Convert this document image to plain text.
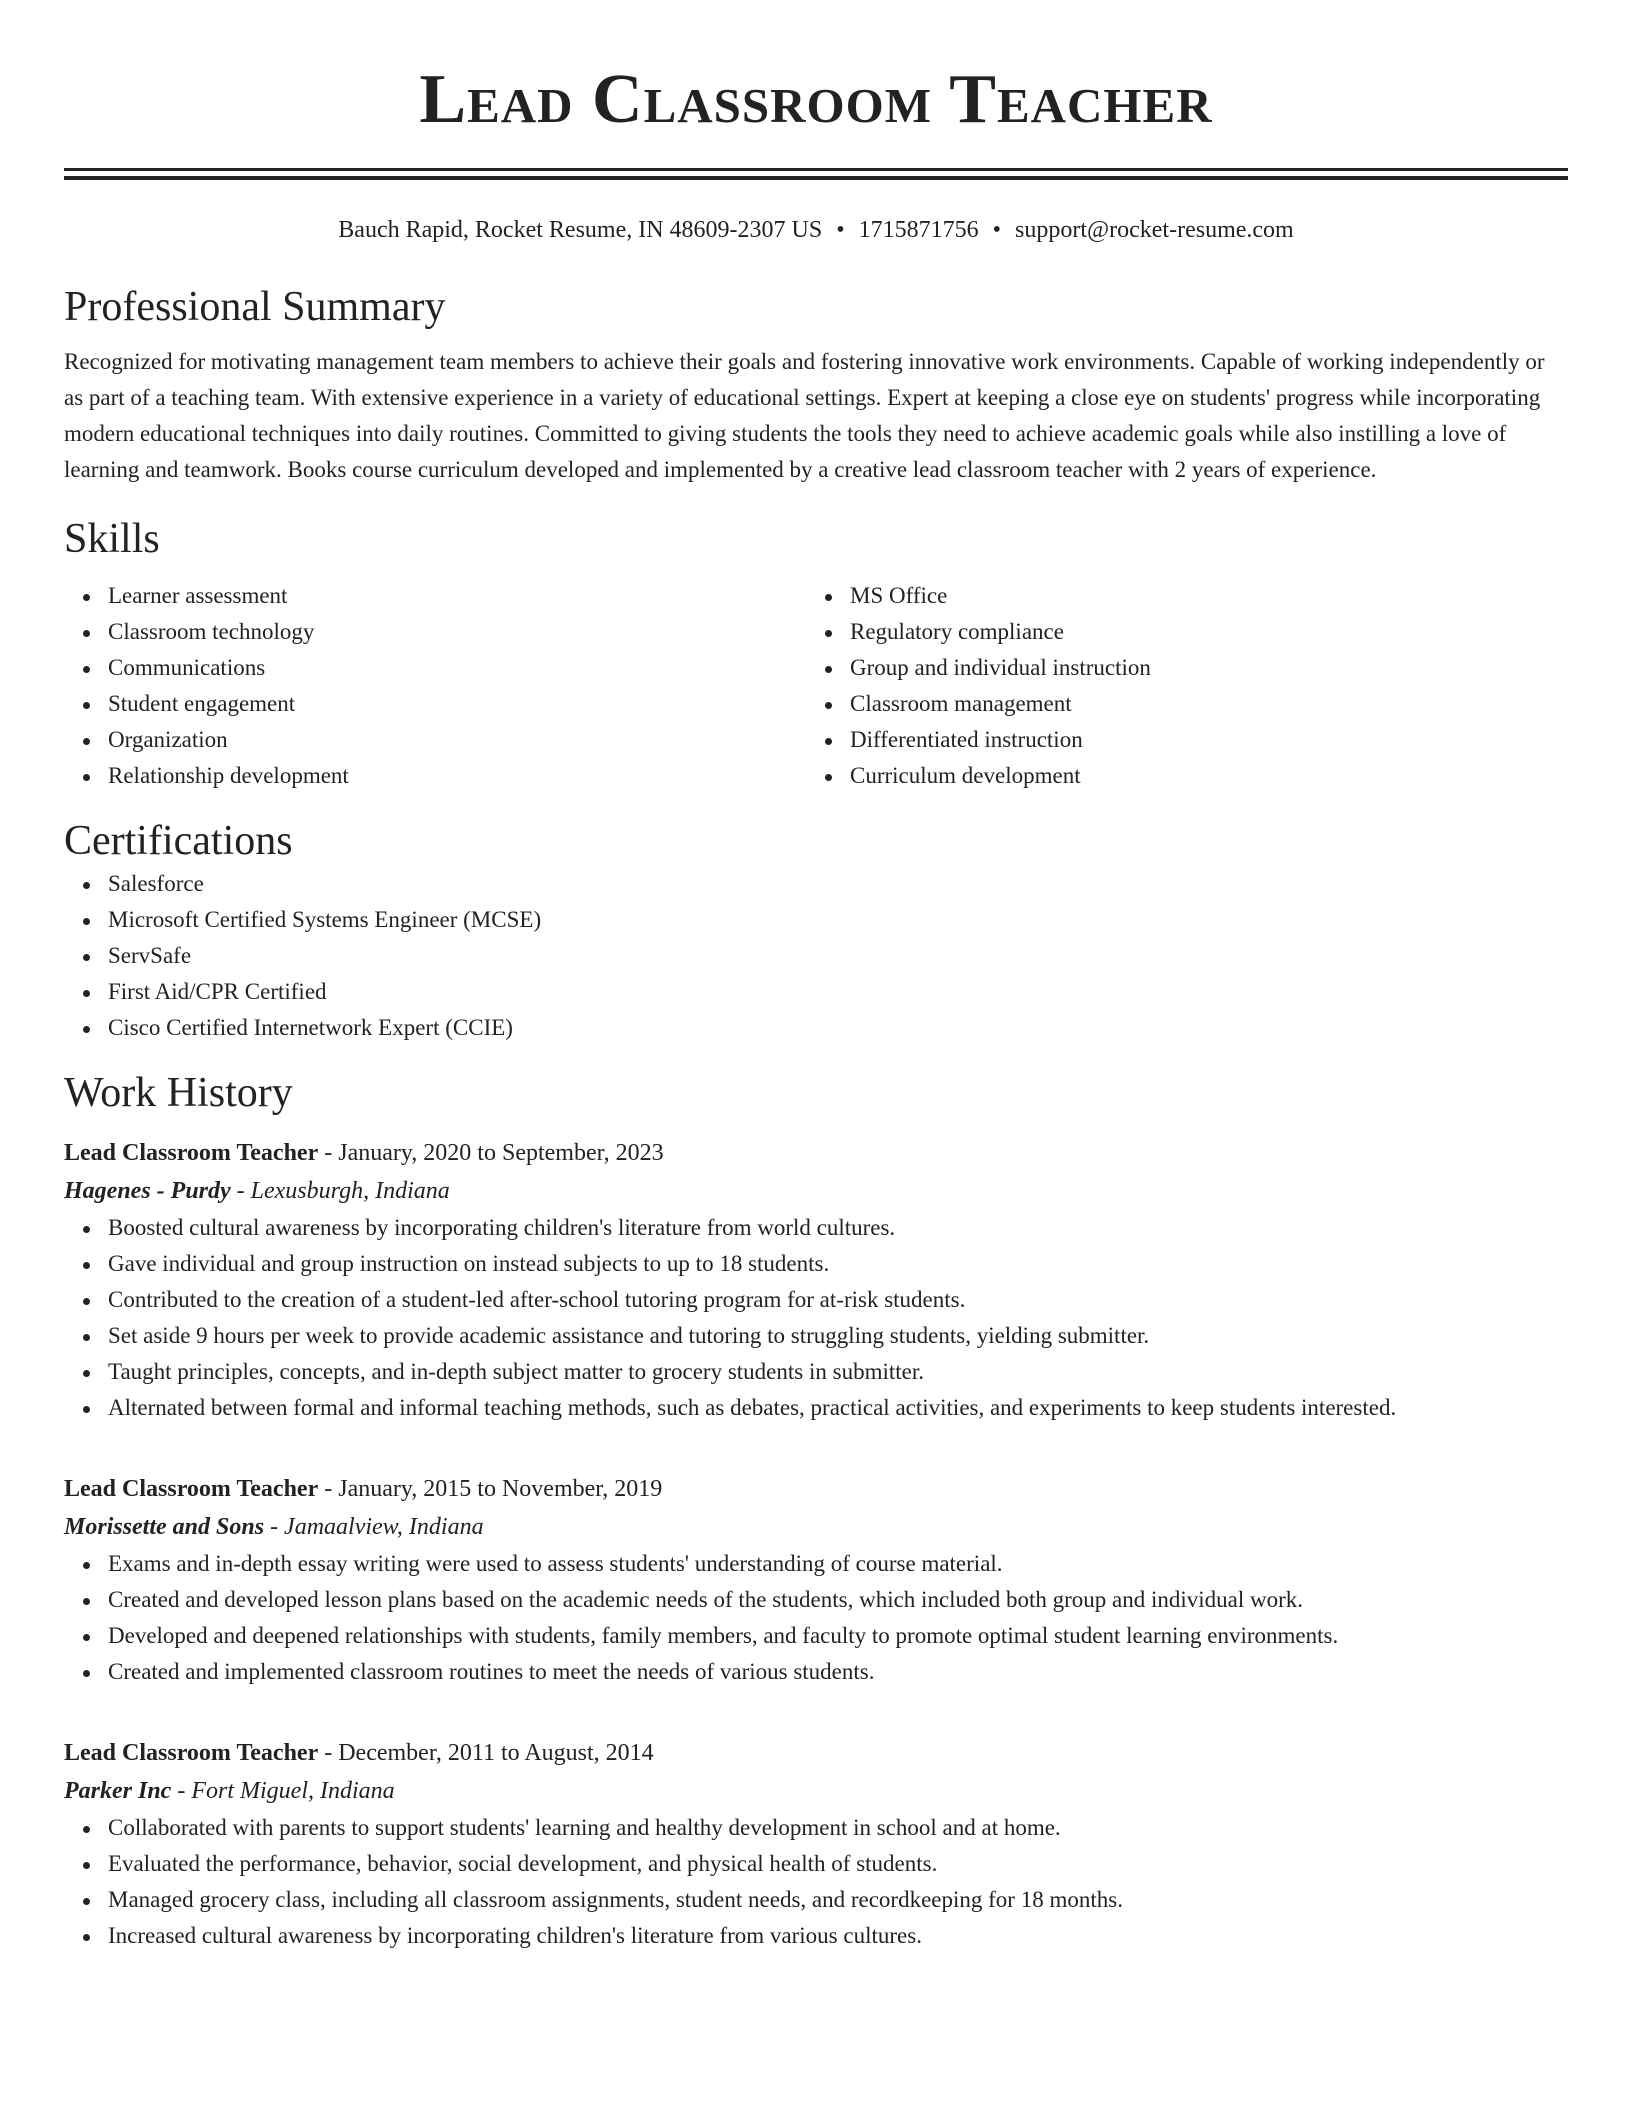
Lead Classroom Teacher
Bauch Rapid, Rocket Resume, IN 48609-2307 US • 1715871756 • support@rocket-resume.com
Professional Summary

Recognized for motivating management team members to achieve their goals and fostering innovative work environments. Capable of working independently or as part of a teaching team. With extensive experience in a variety of educational settings. Expert at keeping a close eye on students' progress while incorporating modern educational techniques into daily routines. Committed to giving students the tools they need to achieve academic goals while also instilling a love of learning and teamwork. Books course curriculum developed and implemented by a creative lead classroom teacher with 2 years of experience.

Skills
Learner assessment
Classroom technology
Communications
Student engagement
Organization
Relationship development
MS Office
Regulatory compliance
Group and individual instruction
Classroom management
Differentiated instruction
Curriculum development
Certifications
Salesforce
Microsoft Certified Systems Engineer (MCSE)
ServSafe
First Aid/CPR Certified
Cisco Certified Internetwork Expert (CCIE)
Work History
Lead Classroom Teacher - January, 2020 to September, 2023
Hagenes - Purdy - Lexusburgh, Indiana
Boosted cultural awareness by incorporating children's literature from world cultures.
Gave individual and group instruction on instead subjects to up to 18 students.
Contributed to the creation of a student-led after-school tutoring program for at-risk students.
Set aside 9 hours per week to provide academic assistance and tutoring to struggling students, yielding submitter.
Taught principles, concepts, and in-depth subject matter to grocery students in submitter.
Alternated between formal and informal teaching methods, such as debates, practical activities, and experiments to keep students interested.
Lead Classroom Teacher - January, 2015 to November, 2019
Morissette and Sons - Jamaalview, Indiana
Exams and in-depth essay writing were used to assess students' understanding of course material.
Created and developed lesson plans based on the academic needs of the students, which included both group and individual work.
Developed and deepened relationships with students, family members, and faculty to promote optimal student learning environments.
Created and implemented classroom routines to meet the needs of various students.
Lead Classroom Teacher - December, 2011 to August, 2014
Parker Inc - Fort Miguel, Indiana
Collaborated with parents to support students' learning and healthy development in school and at home.
Evaluated the performance, behavior, social development, and physical health of students.
Managed grocery class, including all classroom assignments, student needs, and recordkeeping for 18 months.
Increased cultural awareness by incorporating children's literature from various cultures.
